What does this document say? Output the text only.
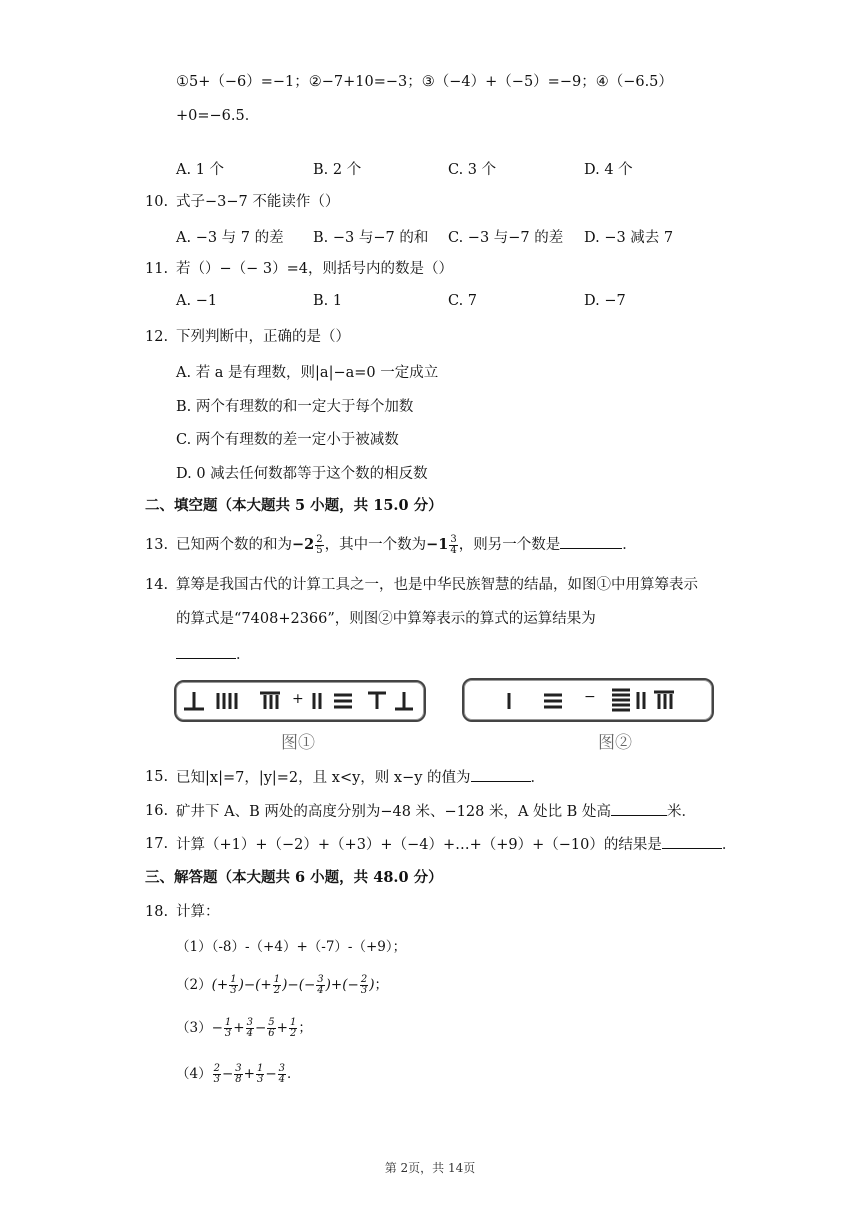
①5+（−6）=−1；②−7+10=−3；③（−4）+（−5）=−9；④（−6.5）
+0=−6.5．
A. 1 个	B. 2 个	C. 3 个	D. 4 个
10. 式子−3−7 不能读作（）
A. −3 与 7 的差 B. −3 与−7 的和 C. −3 与−7 的差 D. −3 减去 7
11. 若（）−（− 3）=4，则括号内的数是（）
A. −1	B. 1	C. 7	D. −7
12. 下列判断中，正确的是（）
A. 若 a 是有理数，则|a|−a=0 一定成立
B. 两个有理数的和一定大于每个加数
C. 两个有理数的差一定小于被减数
D. 0 减去任何数都等于这个数的相反数
二、填空题（本大题共 5 小题，共 15.0 分）
13. 已知两个数的和为$-2 \frac{2}{5}$ ，其中一个数为$-1 \frac{3}{4}$ ，则另一个数是	．
14. 算筹是我国古代的计算工具之一，也是中华民族智慧的结晶，如图①中用算筹表示
的算式是“7408+2366”，则图②中算筹表示的算式的运算结果为
．
+
图①
−
图②
15. 已知|x|=7，|y|=2，且 x<y，则 x−y 的值为	．
16. 矿井下 A、B 两处的高度分别为−48 米、−128 米，A 处比 B 处高	米．
17. 计算（+1）+（−2）+（+3）+（−4）+…+（+9）+（−10）的结果是	．
三、解答题（本大题共 6 小题，共 48.0 分）
18. 计算：
（1）（-8）-（+4）+（-7）-（+9）；
$(2)(+ \frac{1}{3}$ )−(+ $\frac{1}{2}$ )−(− $\frac{3}{4}$ )+(− $\frac{2}{3}$ )；
$(3)- \frac{1}{3} + \frac{3}{4} - \frac{5}{6} + \frac{1}{2}$ ；
$(4) \frac{2}{3} - \frac{3}{8} + \frac{1}{3} - \frac{3}{4}$ ．
第 2页，共 14页
